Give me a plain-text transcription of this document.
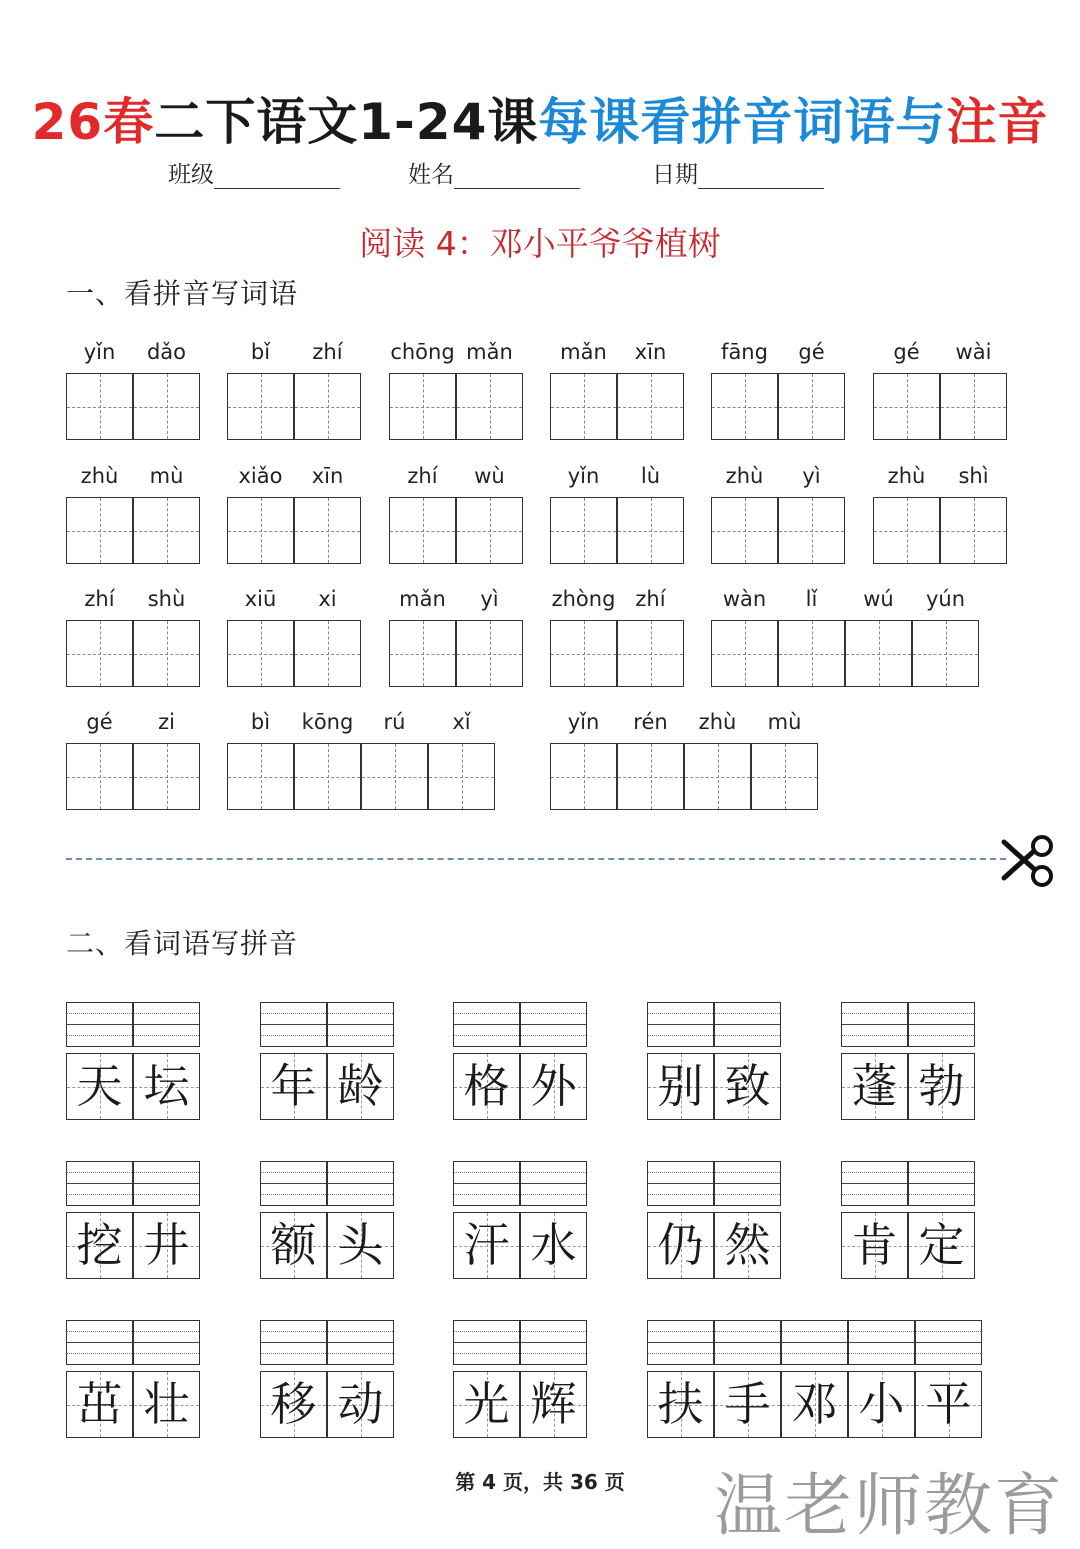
26春二下语文1-24课每课看拼音词语与注音
班级	姓名	日期
阅读 4：邓小平爷爷植树
一、看拼音写词语
yǐn	dǎo	bǐ	zhí	chōng mǎn	mǎn	xīn	fāng	gé	gé	wài
zhù	mù	xiǎo	xīn	zhí	wù	yǐn	lù	zhù	yì	zhù	shì
zhí	shù	xiū	xi	mǎn	yì	zhòng zhí	wàn	lǐ	wú	yún
gé	zi	bì	kōng	rú	xǐ	yǐn	rén	zhù	mù
二、看词语写拼音
天 坛 年 龄 格 外 别 致 蓬 勃
挖 井 额 头 汗 水 仍 然 肯 定
茁 壮 移 动 光 辉 扶 手 邓 小 平
第 4 页，共 36 页	温老师教育
